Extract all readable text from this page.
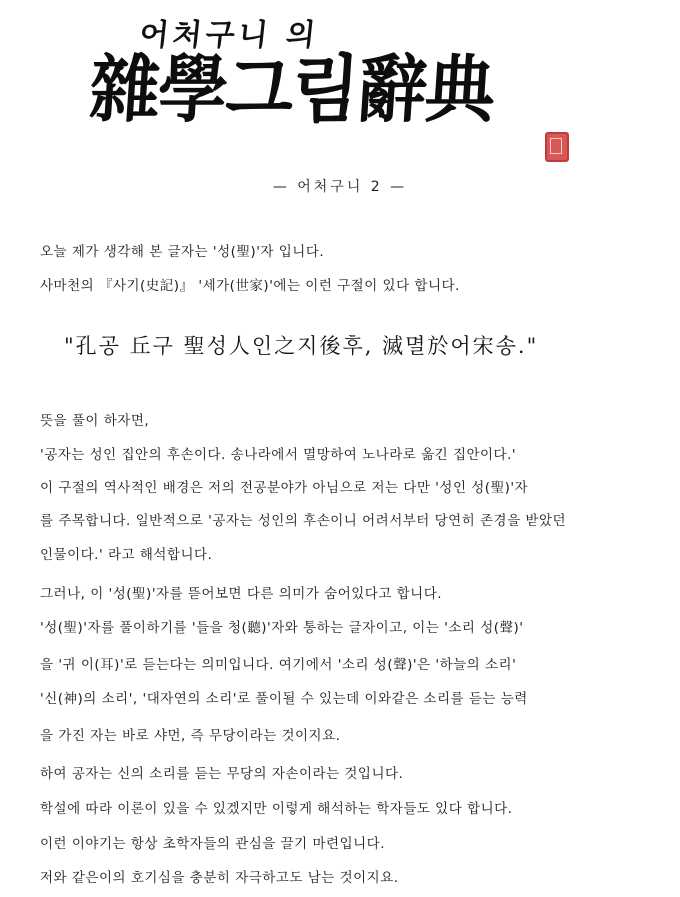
어처구니 의
雜學그림辭典
— 어처구니 2 —
오늘 제가 생각해 본 글자는 '성(聖)'자 입니다.
사마천의 『사기(史記)』 '세가(世家)'에는 이런 구절이 있다 합니다.
"孔공 丘구 聖성人인之지後후, 滅멸於어宋송."
뜻을 풀이 하자면,
'공자는 성인 집안의 후손이다. 송나라에서 멸망하여 노나라로 옮긴 집안이다.'
이 구절의 역사적인 배경은 저의 전공분야가 아님으로 저는 다만 '성인 성(聖)'자
를 주목합니다. 일반적으로 '공자는 성인의 후손이니 어려서부터 당연히 존경을 받았던
인물이다.' 라고 해석합니다.
그러나, 이 '성(聖)'자를 뜯어보면 다른 의미가 숨어있다고 합니다.
'성(聖)'자를 풀이하기를 '들을 청(聽)'자와 통하는 글자이고, 이는 '소리 성(聲)'
을 '귀 이(耳)'로 듣는다는 의미입니다. 여기에서 '소리 성(聲)'은 '하늘의 소리'
'신(神)의 소리', '대자연의 소리'로 풀이될 수 있는데 이와같은 소리를 듣는 능력
을 가진 자는 바로 샤먼, 즉 무당이라는 것이지요.
하여 공자는 신의 소리를 듣는 무당의 자손이라는 것입니다.
학설에 따라 이론이 있을 수 있겠지만 이렇게 해석하는 학자들도 있다 합니다.
이런 이야기는 항상 초학자들의 관심을 끌기 마련입니다.
저와 같은이의 호기심을 충분히 자극하고도 남는 것이지요.
